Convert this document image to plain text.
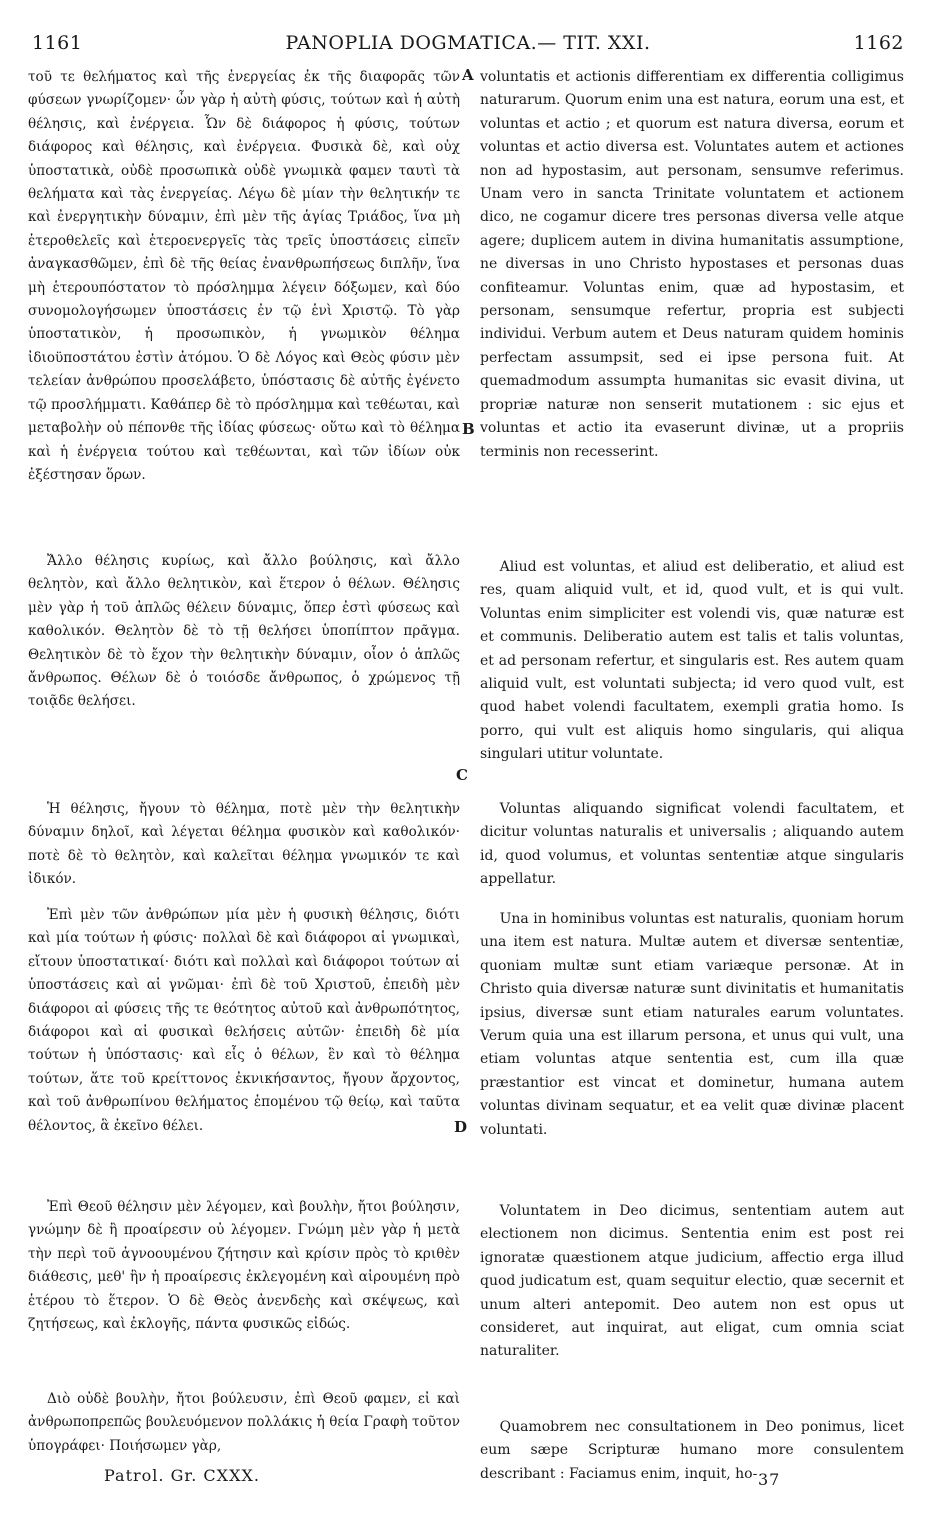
1161	PANOPLIA DOGMATICA.— TIT. XXI.	1162

τοῦ τε θελήματος καὶ τῆς ἐνεργείας ἐκ τῆς διαφορᾶς τῶν φύσεων γνωρίζομεν· ὧν γὰρ ἡ αὐτὴ φύσις, τούτων καὶ ἡ αὐτὴ θέλησις, καὶ ἐνέργεια. Ὧν δὲ διάφορος ἡ φύσις, τούτων διάφορος καὶ θέλησις, καὶ ἐνέργεια. Φυσικὰ δὲ, καὶ οὐχ ὑποστατικὰ, οὐδὲ προσωπικὰ οὐδὲ γνωμικὰ φαμεν ταυτὶ τὰ θελήματα καὶ τὰς ἐνεργείας. Λέγω δὲ μίαν τὴν θελητικήν τε καὶ ἐνεργητικὴν δύναμιν, ἐπὶ μὲν τῆς ἁγίας Τριάδος, ἵνα μὴ ἑτεροθελεῖς καὶ ἑτεροενεργεῖς τὰς τρεῖς ὑποστάσεις εἰπεῖν ἀναγκασθῶμεν, ἐπὶ δὲ τῆς θείας ἐνανθρωπήσεως διπλῆν, ἵνα μὴ ἑτερουπόστατον τὸ πρόσλημμα λέγειν δόξωμεν, καὶ δύο συνομολογήσωμεν ὑποστάσεις ἐν τῷ ἑνὶ Χριστῷ. Τὸ γὰρ ὑποστατικὸν, ἡ προσωπικὸν, ἡ γνωμικὸν θέλημα ἰδιοϋποστάτου ἐστὶν ἀτόμου. Ὁ δὲ Λόγος καὶ Θεὸς φύσιν μὲν τελείαν ἀνθρώπου προσελάβετο, ὑπόστασις δὲ αὐτῆς ἐγένετο τῷ προσλήμματι. Καθάπερ δὲ τὸ πρόσλημμα καὶ τεθέωται, καὶ μεταβολὴν οὐ πέπονθε τῆς ἰδίας φύσεως· οὕτω καὶ τὸ θέλημα καὶ ἡ ἐνέργεια τούτου καὶ τεθέωνται, καὶ τῶν ἰδίων οὐκ ἐξέστησαν ὅρων.

Ἄλλο θέλησις κυρίως, καὶ ἄλλο βούλησις, καὶ ἄλλο θελητὸν, καὶ ἄλλο θελητικὸν, καὶ ἕτερον ὁ θέλων. Θέλησις μὲν γὰρ ἡ τοῦ ἁπλῶς θέλειν δύναμις, ὅπερ ἐστὶ φύσεως καὶ καθολικόν. Θελητὸν δὲ τὸ τῇ θελήσει ὑποπίπτον πρᾶγμα. Θελητικὸν δὲ τὸ ἔχον τὴν θελητικὴν δύναμιν, οἷον ὁ ἁπλῶς ἄνθρωπος. Θέλων δὲ ὁ τοιόσδε ἄνθρωπος, ὁ χρώμενος τῇ τοιᾷδε θελήσει.

Ἡ θέλησις, ἤγουν τὸ θέλημα, ποτὲ μὲν τὴν θελητικὴν δύναμιν δηλοῖ, καὶ λέγεται θέλημα φυσικὸν καὶ καθολικόν· ποτὲ δὲ τὸ θελητὸν, καὶ καλεῖται θέλημα γνωμικόν τε καὶ ἰδικόν.

Ἐπὶ μὲν τῶν ἀνθρώπων μία μὲν ἡ φυσικὴ θέλησις, διότι καὶ μία τούτων ἡ φύσις· πολλαὶ δὲ καὶ διάφοροι αἱ γνωμικαὶ, εἴτουν ὑποστατικαί· διότι καὶ πολλαὶ καὶ διάφοροι τούτων αἱ ὑποστάσεις καὶ αἱ γνῶμαι· ἐπὶ δὲ τοῦ Χριστοῦ, ἐπειδὴ μὲν διάφοροι αἱ φύσεις τῆς τε θεότητος αὐτοῦ καὶ ἀνθρωπότητος, διάφοροι καὶ αἱ φυσικαὶ θελήσεις αὐτῶν· ἐπειδὴ δὲ μία τούτων ἡ ὑπόστασις· καὶ εἷς ὁ θέλων, ἓν καὶ τὸ θέλημα τούτων, ἅτε τοῦ κρείττονος ἐκνικήσαντος, ἤγουν ἄρχοντος, καὶ τοῦ ἀνθρωπίνου θελήματος ἑπομένου τῷ θείῳ, καὶ ταῦτα θέλοντος, ἃ ἐκεῖνο θέλει.

Ἐπὶ Θεοῦ θέλησιν μὲν λέγομεν, καὶ βουλὴν, ἤτοι βούλησιν, γνώμην δὲ ἢ προαίρεσιν οὐ λέγομεν. Γνώμη μὲν γὰρ ἡ μετὰ τὴν περὶ τοῦ ἀγνοουμένου ζήτησιν καὶ κρίσιν πρὸς τὸ κριθὲν διάθεσις, μεθ' ἣν ἡ προαίρεσις ἐκλεγομένη καὶ αἱρουμένη πρὸ ἑτέρου τὸ ἕτερον. Ὁ δὲ Θεὸς ἀνενδεὴς καὶ σκέψεως, καὶ ζητήσεως, καὶ ἐκλογῆς, πάντα φυσικῶς εἰδώς.

Διὸ οὐδὲ βουλὴν, ἤτοι βούλευσιν, ἐπὶ Θεοῦ φαμεν, εἰ καὶ ἀνθρωποπρεπῶς βουλευόμενον πολλάκις ἡ θεία Γραφὴ τοῦτον ὑπογράφει· Ποιήσωμεν γὰρ,

A
B
C
D

voluntatis et actionis differentiam ex differentia colligimus naturarum. Quorum enim una est natura, eorum una est, et voluntas et actio ; et quorum est natura diversa, eorum et voluntas et actio diversa est. Voluntates autem et actiones non ad hypostasim, aut personam, sensumve referimus. Unam vero in sancta Trinitate voluntatem et actionem dico, ne cogamur dicere tres personas diversa velle atque agere; duplicem autem in divina humanitatis assumptione, ne diversas in uno Christo hypostases et personas duas confiteamur. Voluntas enim, quæ ad hypostasim, et personam, sensumque refertur, propria est subjecti individui. Verbum autem et Deus naturam quidem hominis perfectam assumpsit, sed ei ipse persona fuit. At quemadmodum assumpta humanitas sic evasit divina, ut propriæ naturæ non senserit mutationem : sic ejus et voluntas et actio ita evaserunt divinæ, ut a propriis terminis non recesserint.

Aliud est voluntas, et aliud est deliberatio, et aliud est res, quam aliquid vult, et id, quod vult, et is qui vult. Voluntas enim simpliciter est volendi vis, quæ naturæ est et communis. Deliberatio autem est talis et talis voluntas, et ad personam refertur, et singularis est. Res autem quam aliquid vult, est voluntati subjecta; id vero quod vult, est quod habet volendi facultatem, exempli gratia homo. Is porro, qui vult est aliquis homo singularis, qui aliqua singulari utitur voluntate.

Voluntas aliquando significat volendi facultatem, et dicitur voluntas naturalis et universalis ; aliquando autem id, quod volumus, et voluntas sententiæ atque singularis appellatur.

Una in hominibus voluntas est naturalis, quoniam horum una item est natura. Multæ autem et diversæ sententiæ, quoniam multæ sunt etiam variæque personæ. At in Christo quia diversæ naturæ sunt divinitatis et humanitatis ipsius, diversæ sunt etiam naturales earum voluntates. Verum quia una est illarum persona, et unus qui vult, una etiam voluntas atque sententia est, cum illa quæ præstantior est vincat et dominetur, humana autem voluntas divinam sequatur, et ea velit quæ divinæ placent voluntati.

Voluntatem in Deo dicimus, sententiam autem aut electionem non dicimus. Sententia enim est post rei ignoratæ quæstionem atque judicium, affectio erga illud quod judicatum est, quam sequitur electio, quæ secernit et unum alteri antepomit. Deo autem non est opus ut consideret, aut inquirat, aut eligat, cum omnia sciat naturaliter.

Quamobrem nec consultationem in Deo ponimus, licet eum sæpe Scripturæ humano more consulentem describant : Faciamus enim, inquit, ho-

Patrol. Gr. CXXX.	37
